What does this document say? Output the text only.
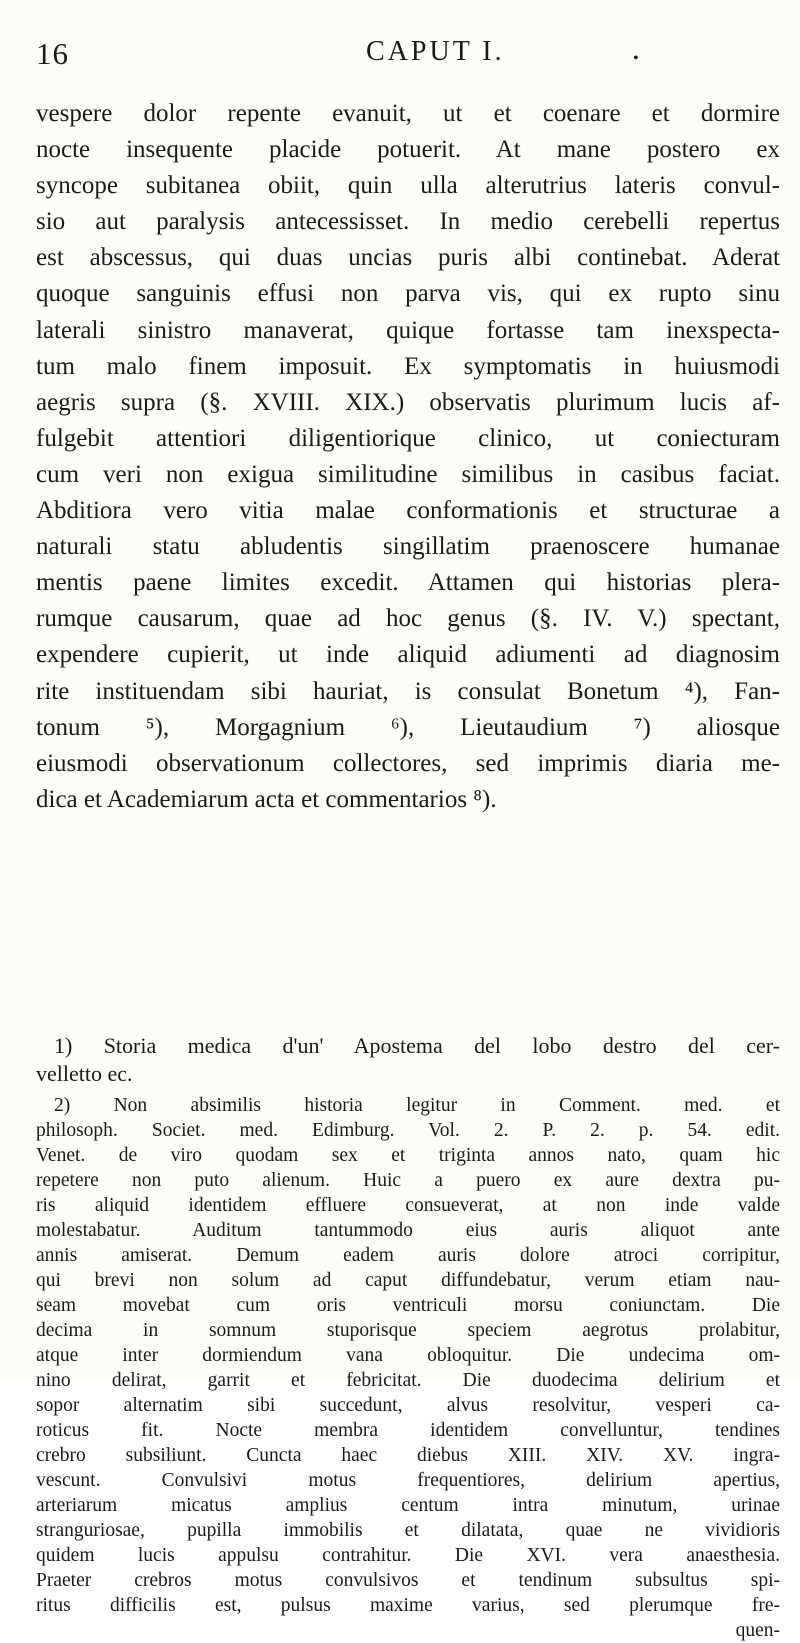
16	CAPUT I.	•
vespere dolor repente evanuit, ut et coenare et dormire
nocte insequente placide potuerit. At mane postero ex
syncope subitanea obiit, quin ulla alterutrius lateris convul-
sio aut paralysis antecessisset. In medio cerebelli repertus
est abscessus, qui duas uncias puris albi continebat. Aderat
quoque sanguinis effusi non parva vis, qui ex rupto sinu
laterali sinistro manaverat, quique fortasse tam inexspecta-
tum malo finem imposuit. Ex symptomatis in huiusmodi
aegris supra (§. XVIII. XIX.) observatis plurimum lucis af-
fulgebit attentiori diligentiorique clinico, ut coniecturam
cum veri non exigua similitudine similibus in casibus faciat.
Abditiora vero vitia malae conformationis et structurae a
naturali statu abludentis singillatim praenoscere humanae
mentis paene limites excedit. Attamen qui historias plera-
rumque causarum, quae ad hoc genus (§. IV. V.) spectant,
expendere cupierit, ut inde aliquid adiumenti ad diagnosim
rite instituendam sibi hauriat, is consulat Bonetum ⁴), Fan-
tonum ⁵), Morgagnium ⁶), Lieutaudium ⁷) aliosque
eiusmodi observationum collectores, sed imprimis diaria me-
dica et Academiarum acta et commentarios ⁸).
1) Storia medica d'un' Apostema del lobo destro del cer-
velletto ec.
2) Non absimilis historia legitur in Comment. med. et
philosoph. Societ. med. Edimburg. Vol. 2. P. 2. p. 54. edit.
Venet. de viro quodam sex et triginta annos nato, quam hic
repetere non puto alienum. Huic a puero ex aure dextra pu-
ris aliquid identidem effluere consueverat, at non inde valde
molestabatur. Auditum tantummodo eius auris aliquot ante
annis amiserat. Demum eadem auris dolore atroci corripitur,
qui brevi non solum ad caput diffundebatur, verum etiam nau-
seam movebat cum oris ventriculi morsu coniunctam. Die
decima in somnum stuporisque speciem aegrotus prolabitur,
atque inter dormiendum vana obloquitur. Die undecima om-
nino delirat, garrit et febricitat. Die duodecima delirium et
sopor alternatim sibi succedunt, alvus resolvitur, vesperi ca-
roticus fit. Nocte membra identidem convelluntur, tendines
crebro subsiliunt. Cuncta haec diebus XIII. XIV. XV. ingra-
vescunt. Convulsivi motus frequentiores, delirium apertius,
arteriarum micatus amplius centum intra minutum, urinae
stranguriosae, pupilla immobilis et dilatata, quae ne vividioris
quidem lucis appulsu contrahitur. Die XVI. vera anaesthesia.
Praeter crebros motus convulsivos et tendinum subsultus spi-
ritus difficilis est, pulsus maxime varius, sed plerumque fre-
quen-
